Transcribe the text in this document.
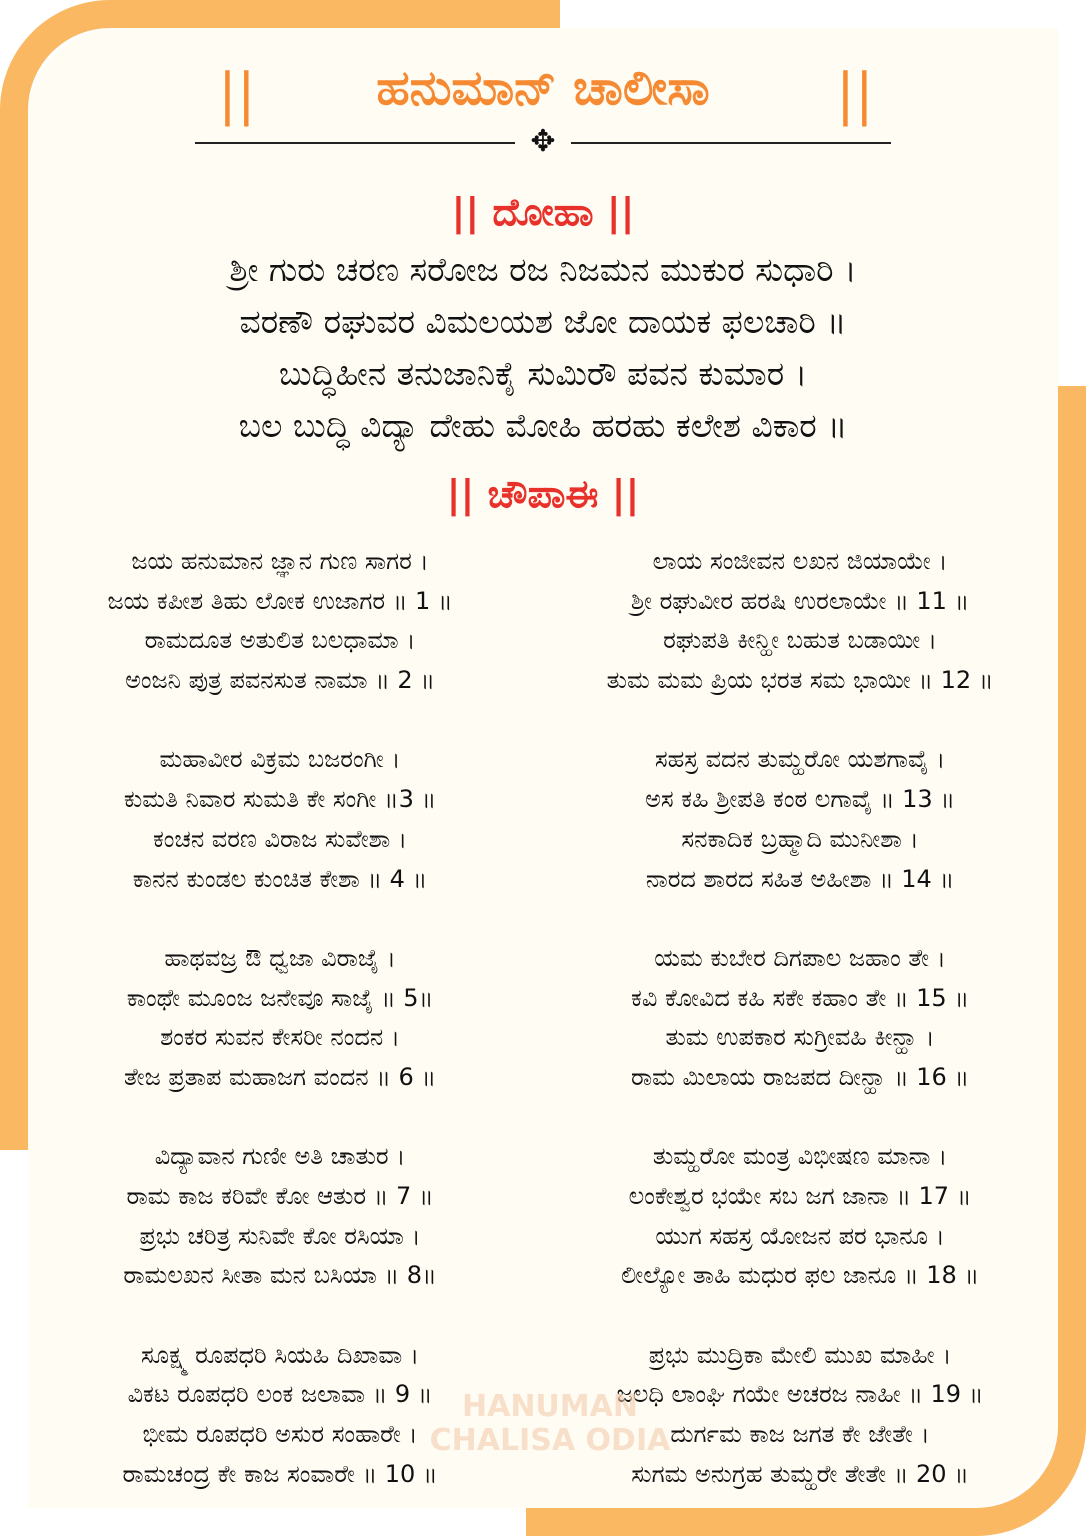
||	ಹನುಮಾನ್ ಚಾಲೀಸಾ	||
✥
|| ದೋಹಾ ||
ಶ್ರೀ ಗುರು ಚರಣ ಸರೋಜ ರಜ ನಿಜಮನ ಮುಕುರ ಸುಧಾರಿ ।
ವರಣೌ ರಘುವರ ವಿಮಲಯಶ ಜೋ ದಾಯಕ ಫಲಚಾರಿ ॥
ಬುದ್ಧಿಹೀನ ತನುಜಾನಿಕೈ ಸುಮಿರೌ ಪವನ ಕುಮಾರ ।
ಬಲ ಬುದ್ಧಿ ವಿದ್ಯಾ ದೇಹು ಮೋಹಿ ಹರಹು ಕಲೇಶ ವಿಕಾರ ॥
|| ಚೌಪಾಈ ||
ಜಯ ಹನುಮಾನ ಜ್ಞಾನ ಗುಣ ಸಾಗರ ।
ಜಯ ಕಪೀಶ ತಿಹು ಲೋಕ ಉಜಾಗರ ॥ 1 ॥
ರಾಮದೂತ ಅತುಲಿತ ಬಲಧಾಮಾ ।
ಅಂಜನಿ ಪುತ್ರ ಪವನಸುತ ನಾಮಾ ॥ 2 ॥
ಮಹಾವೀರ ವಿಕ್ರಮ ಬಜರಂಗೀ ।
ಕುಮತಿ ನಿವಾರ ಸುಮತಿ ಕೇ ಸಂಗೀ ॥3 ॥
ಕಂಚನ ವರಣ ವಿರಾಜ ಸುವೇಶಾ ।
ಕಾನನ ಕುಂಡಲ ಕುಂಚಿತ ಕೇಶಾ ॥ 4 ॥
ಹಾಥವಜ್ರ ಔ ಧ್ವಜಾ ವಿರಾಜೈ ।
ಕಾಂಥೇ ಮೂಂಜ ಜನೇವೂ ಸಾಜೈ ॥ 5॥
ಶಂಕರ ಸುವನ ಕೇಸರೀ ನಂದನ ।
ತೇಜ ಪ್ರತಾಪ ಮಹಾಜಗ ವಂದನ ॥ 6 ॥
ವಿದ್ಯಾವಾನ ಗುಣೀ ಅತಿ ಚಾತುರ ।
ರಾಮ ಕಾಜ ಕರಿವೇ ಕೋ ಆತುರ ॥ 7 ॥
ಪ್ರಭು ಚರಿತ್ರ ಸುನಿವೇ ಕೋ ರಸಿಯಾ ।
ರಾಮಲಖನ ಸೀತಾ ಮನ ಬಸಿಯಾ ॥ 8॥
ಸೂಕ್ಷ್ಮ ರೂಪಧರಿ ಸಿಯಹಿ ದಿಖಾವಾ ।
ವಿಕಟ ರೂಪಧರಿ ಲಂಕ ಜಲಾವಾ ॥ 9 ॥
ಭೀಮ ರೂಪಧರಿ ಅಸುರ ಸಂಹಾರೇ ।
ರಾಮಚಂದ್ರ ಕೇ ಕಾಜ ಸಂವಾರೇ ॥ 10 ॥
ಲಾಯ ಸಂಜೀವನ ಲಖನ ಜಿಯಾಯೇ ।
ಶ್ರೀ ರಘುವೀರ ಹರಷಿ ಉರಲಾಯೇ ॥ 11 ॥
ರಘುಪತಿ ಕೀನ್ಹೀ ಬಹುತ ಬಡಾಯೀ ।
ತುಮ ಮಮ ಪ್ರಿಯ ಭರತ ಸಮ ಭಾಯೀ ॥ 12 ॥
ಸಹಸ್ರ ವದನ ತುಮ್ಹರೋ ಯಶಗಾವೈ ।
ಅಸ ಕಹಿ ಶ್ರೀಪತಿ ಕಂಠ ಲಗಾವೈ ॥ 13 ॥
ಸನಕಾದಿಕ ಬ್ರಹ್ಮಾದಿ ಮುನೀಶಾ ।
ನಾರದ ಶಾರದ ಸಹಿತ ಅಹೀಶಾ ॥ 14 ॥
ಯಮ ಕುಬೇರ ದಿಗಪಾಲ ಜಹಾಂ ತೇ ।
ಕವಿ ಕೋವಿದ ಕಹಿ ಸಕೇ ಕಹಾಂ ತೇ ॥ 15 ॥
ತುಮ ಉಪಕಾರ ಸುಗ್ರೀವಹಿ ಕೀನ್ಹಾ ।
ರಾಮ ಮಿಲಾಯ ರಾಜಪದ ದೀನ್ಹಾ ॥ 16 ॥
ತುಮ್ಹರೋ ಮಂತ್ರ ವಿಭೀಷಣ ಮಾನಾ ।
ಲಂಕೇಶ್ವರ ಭಯೇ ಸಬ ಜಗ ಜಾನಾ ॥ 17 ॥
ಯುಗ ಸಹಸ್ರ ಯೋಜನ ಪರ ಭಾನೂ ।
ಲೀಲ್ಯೋ ತಾಹಿ ಮಧುರ ಫಲ ಜಾನೂ ॥ 18 ॥
ಪ್ರಭು ಮುದ್ರಿಕಾ ಮೇಲಿ ಮುಖ ಮಾಹೀ ।
ಜಲಧಿ ಲಾಂಘಿ ಗಯೇ ಅಚರಜ ನಾಹೀ ॥ 19 ॥
ದುರ್ಗಮ ಕಾಜ ಜಗತ ಕೇ ಜೇತೇ ।
ಸುಗಮ ಅನುಗ್ರಹ ತುಮ್ಹರೇ ತೇತೇ ॥ 20 ॥
HANUMAN
CHALISA ODIA
